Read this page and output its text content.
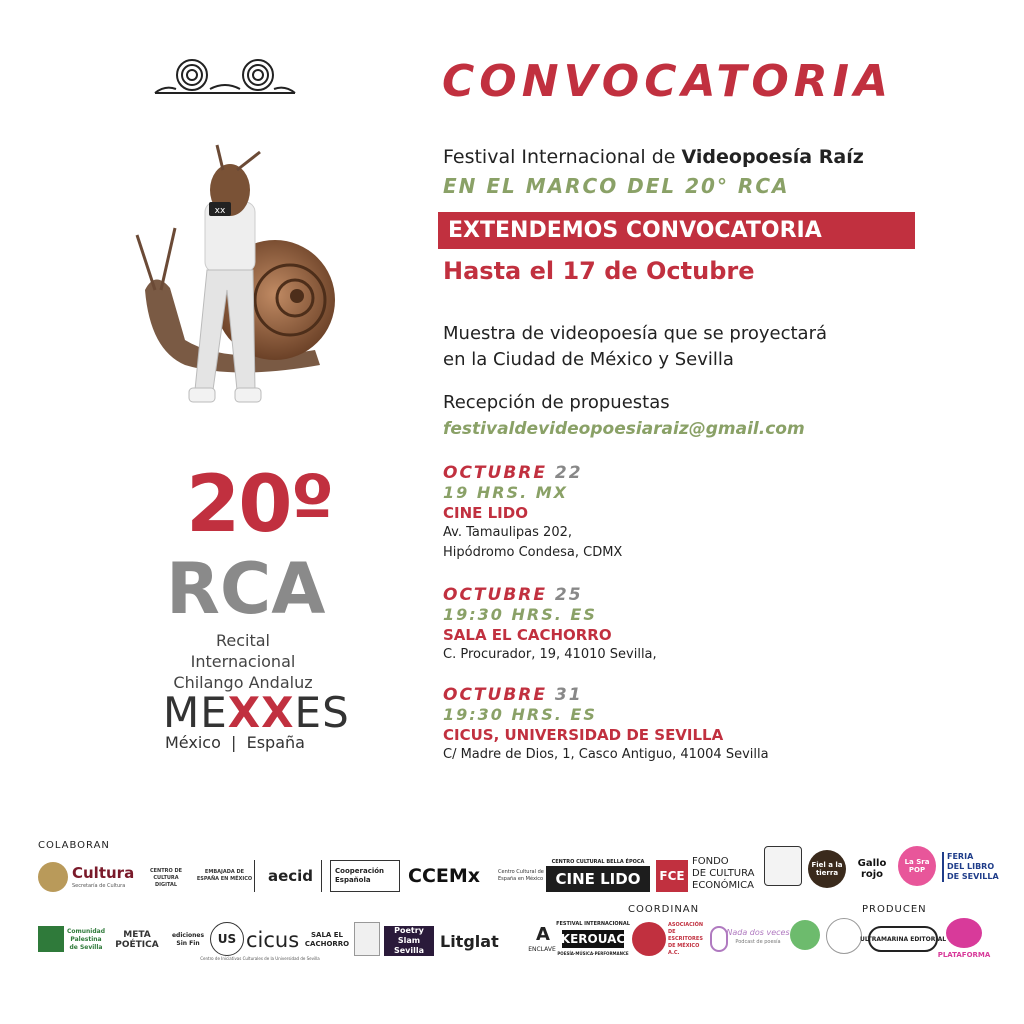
CONVOCATORIA
Festival Internacional de Videopoesía Raíz
EN EL MARCO DEL 20° RCA
EXTENDEMOS CONVOCATORIA
Hasta el 17 de Octubre
Muestra de videopoesía que se proyectará
en la Ciudad de México y Sevilla
Recepción de propuestas
festivaldevideopoesiaraiz@gmail.com
OCTUBRE 22
19 HRS. MX
CINE LIDO
Av. Tamaulipas 202,
Hipódromo Condesa, CDMX
OCTUBRE 25
19:30 HRS. ES
SALA EL CACHORRO
C. Procurador, 19, 41010 Sevilla,
OCTUBRE 31
19:30 HRS. ES
CICUS, UNIVERSIDAD DE SEVILLA
C/ Madre de Dios, 1, Casco Antiguo, 41004 Sevilla
xx
20º
RCA
Recital Internacional
Chilango Andaluz
MEXXES
México  |  España
COLABORAN
COORDINAN	PRODUCEN
Cultura
Secretaría de Cultura
CENTRO DE CULTURA DIGITAL
EMBAJADA DE ESPAÑA EN MÉXICO	aecid	Cooperación Española	CCEMx	Centro Cultural de España en México
CENTRO CULTURAL BELLA ÉPOCA
CINE LIDO	FCE
FONDO
DE CULTURA
ECONÓMICA
Fiel a la tierra
Gallo rojo
La Sra POP
FERIA
DEL LIBRO
DE SEVILLA
Comunidad Palestina de Sevilla
META POÉTICA
ediciones Sin Fin	US cicus
Centro de Iniciativas Culturales de la Universidad de Sevilla
SALA EL CACHORRO
Poetry Slam Sevilla Litglat	A
ENCLAVE
FESTIVAL INTERNACIONAL
KEROUAC
POESÍA·MÚSICA·PERFORMANCE
ASOCIACIÓN DE ESCRITORES DE MÉXICO A.C.
Nada dos veces
Podcast de poesía	ULTRAMARINA EDITORIAL
PLATAFORMA
